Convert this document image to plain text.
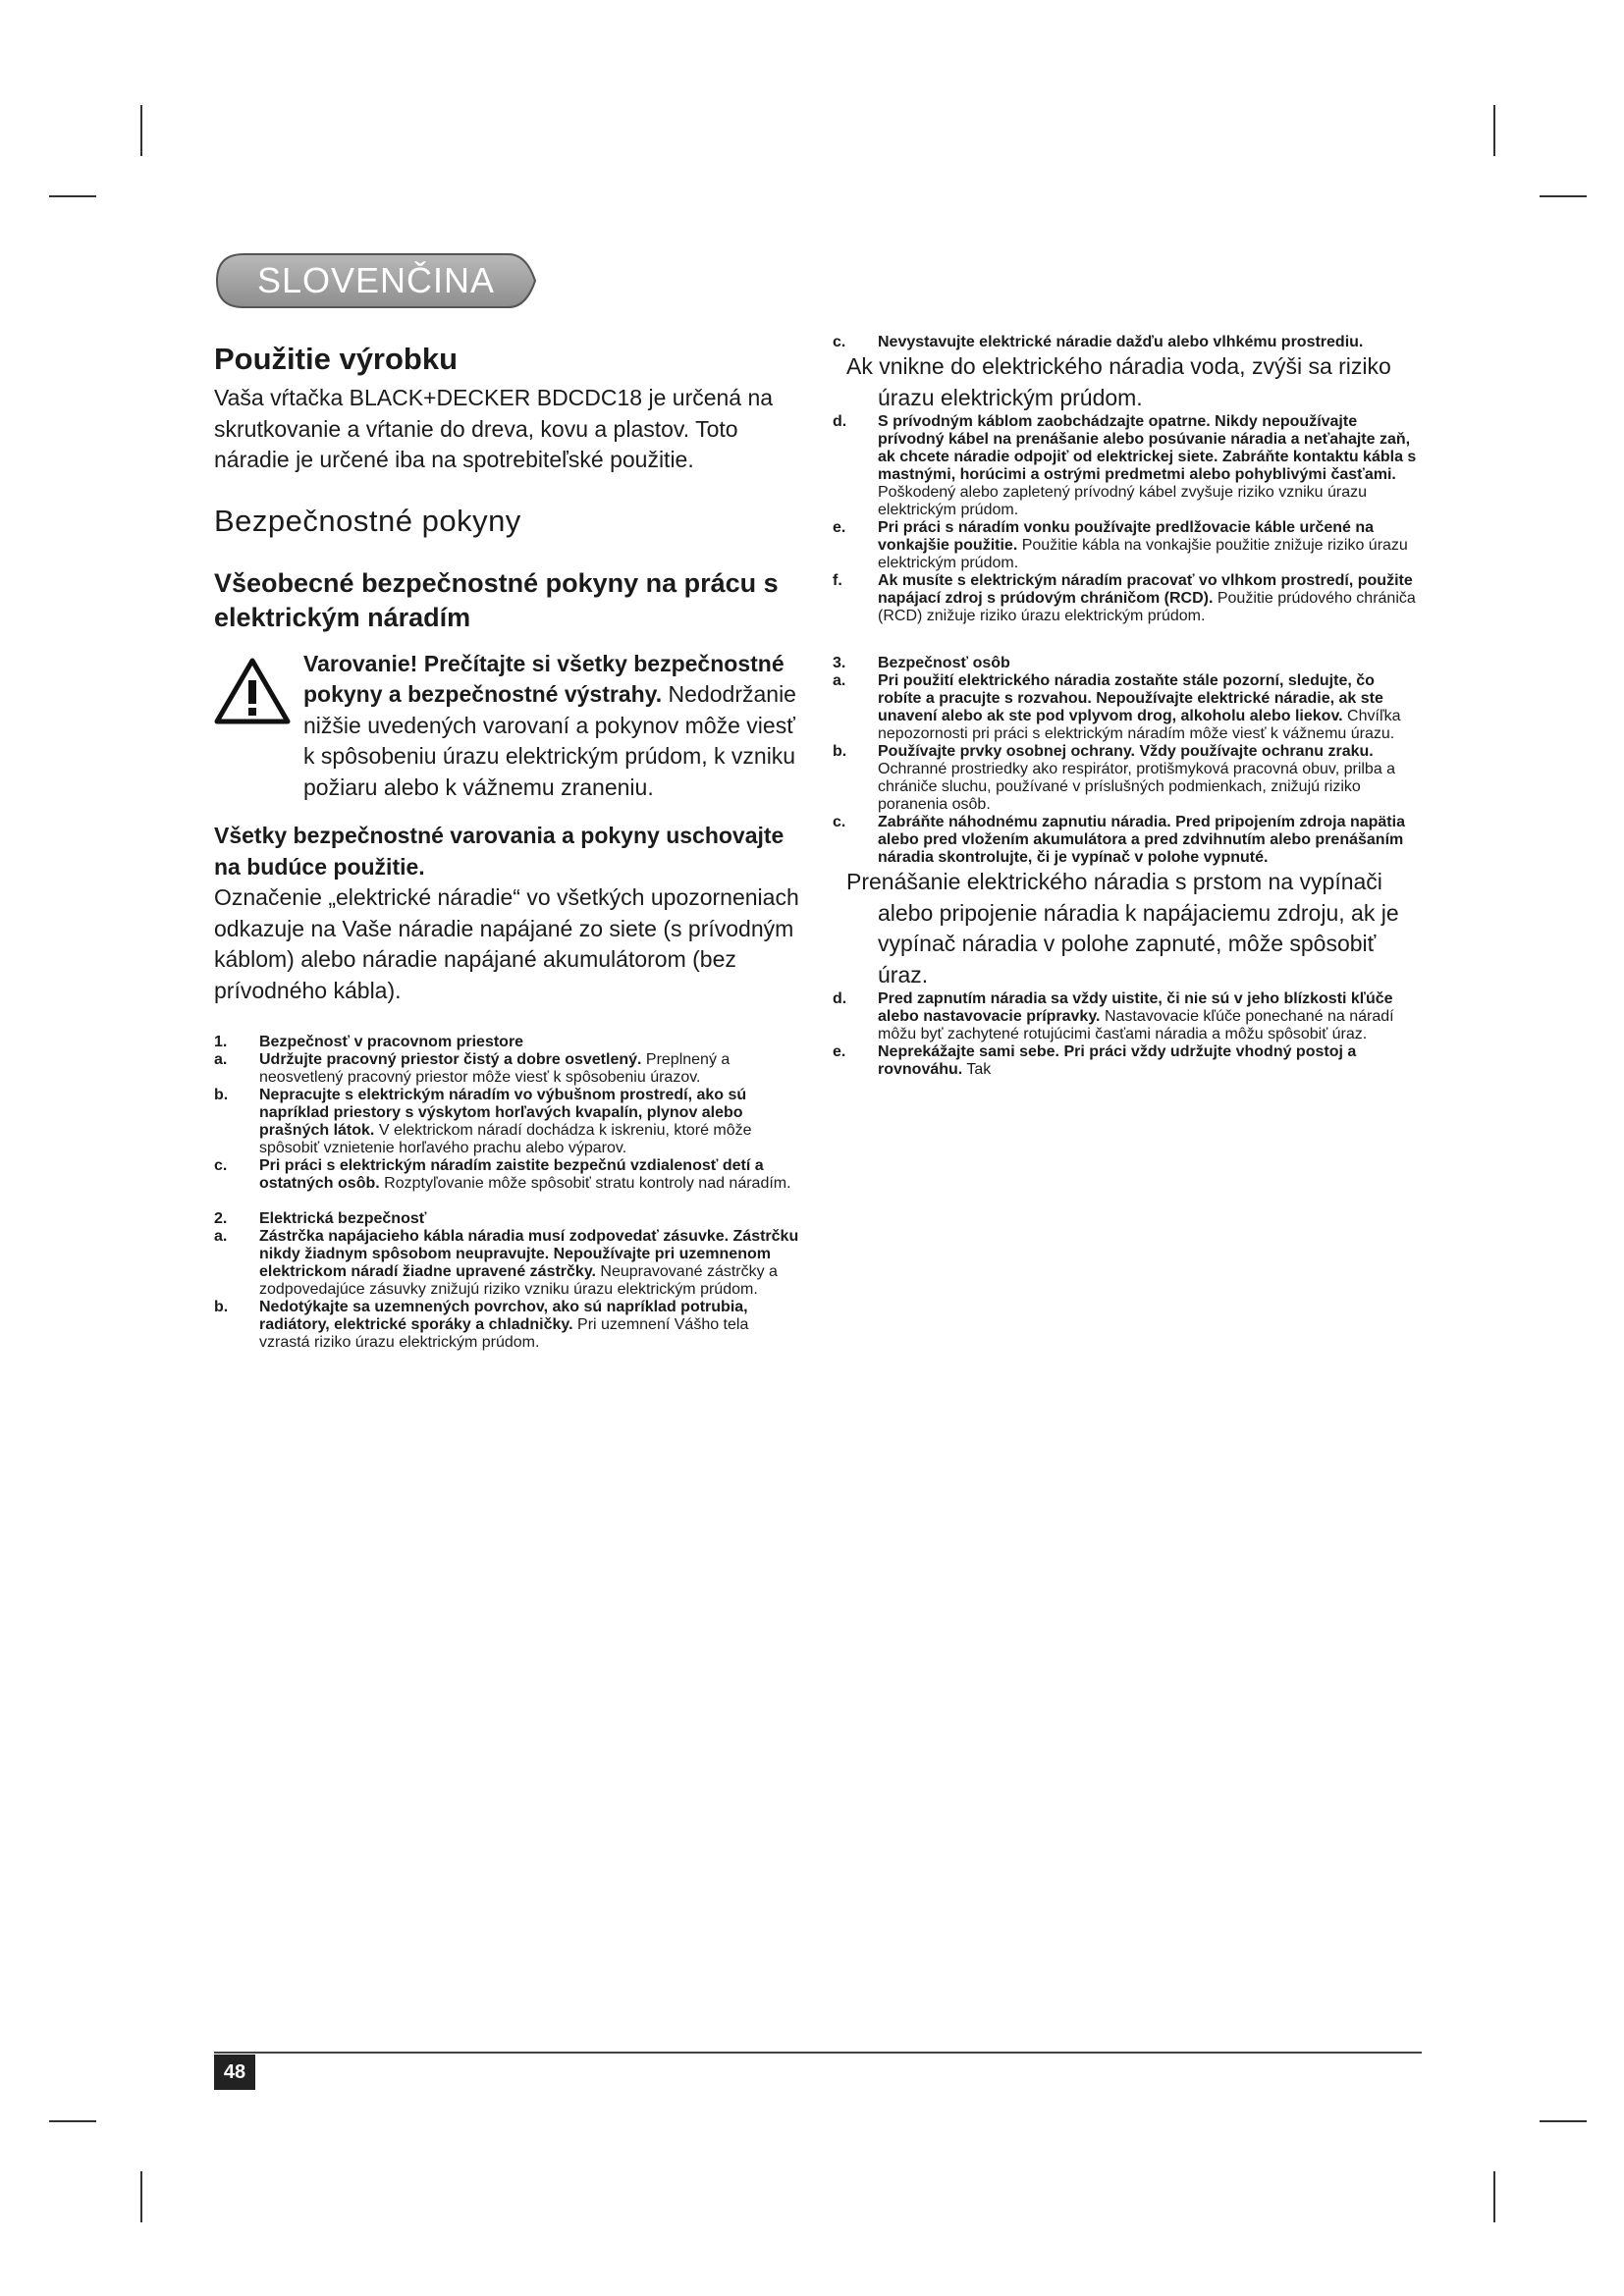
SLOVENČINA
Použitie výrobku

Vaša vŕtačka BLACK+DECKER BDCDC18 je určená na skrutkovanie a vŕtanie do dreva, kovu a plastov. Toto náradie je určené iba na spotrebiteľské použitie.

Bezpečnostné pokyny
Všeobecné bezpečnostné pokyny na prácu s elektrickým náradím

Varovanie! Prečítajte si všetky bezpečnostné pokyny a bezpečnostné výstrahy. Nedodržanie nižšie uvedených varovaní a pokynov môže viesť k spôsobeniu úrazu elektrickým prúdom, k vzniku požiaru alebo k vážnemu zraneniu.

Všetky bezpečnostné varovania a pokyny uschovajte na budúce použitie.

Označenie „elektrické náradie“ vo všetkých upozorneniach odkazuje na Vaše náradie napájané zo siete (s prívodným káblom) alebo náradie napájané akumulátorom (bez prívodného kábla).

1. Bezpečnosť v pracovnom priestore
a. Udržujte pracovný priestor čistý a dobre osvetlený. Preplnený a neosvetlený pracovný priestor môže viesť k spôsobeniu úrazov.
b. Nepracujte s elektrickým náradím vo výbušnom prostredí, ako sú napríklad priestory s výskytom horľavých kvapalín, plynov alebo prašných látok. V elektrickom náradí dochádza k iskreniu, ktoré môže spôsobiť vznietenie horľavého prachu alebo výparov.
c. Pri práci s elektrickým náradím zaistite bezpečnú vzdialenosť detí a ostatných osôb. Rozptyľovanie môže spôsobiť stratu kontroly nad náradím.
2. Elektrická bezpečnosť
a. Zástrčka napájacieho kábla náradia musí zodpovedať zásuvke. Zástrčku nikdy žiadnym spôsobom neupravujte. Nepoužívajte pri uzemnenom elektrickom náradí žiadne upravené zástrčky. Neupravované zástrčky a zodpovedajúce zásuvky znižujú riziko vzniku úrazu elektrickým prúdom.
b. Nedotýkajte sa uzemnených povrchov, ako sú napríklad potrubia, radiátory, elektrické sporáky a chladničky. Pri uzemnení Vášho tela vzrastá riziko úrazu elektrickým prúdom.
c. Nevystavujte elektrické náradie dažďu alebo vlhkému prostrediu.

Ak vnikne do elektrického náradia voda, zvýši sa riziko úrazu elektrickým prúdom.

d. S prívodným káblom zaobchádzajte opatrne. Nikdy nepoužívajte prívodný kábel na prenášanie alebo posúvanie náradia a neťahajte zaň, ak chcete náradie odpojiť od elektrickej siete. Zabráňte kontaktu kábla s mastnými, horúcimi a ostrými predmetmi alebo pohyblivými časťami. Poškodený alebo zapletený prívodný kábel zvyšuje riziko vzniku úrazu elektrickým prúdom.
e. Pri práci s náradím vonku používajte predlžovacie káble určené na vonkajšie použitie. Použitie kábla na vonkajšie použitie znižuje riziko úrazu elektrickým prúdom.
f. Ak musíte s elektrickým náradím pracovať vo vlhkom prostredí, použite napájací zdroj s prúdovým chráničom (RCD). Použitie prúdového chrániča (RCD) znižuje riziko úrazu elektrickým prúdom.
3. Bezpečnosť osôb
a. Pri použití elektrického náradia zostaňte stále pozorní, sledujte, čo robíte a pracujte s rozvahou. Nepoužívajte elektrické náradie, ak ste unavení alebo ak ste pod vplyvom drog, alkoholu alebo liekov. Chvíľka nepozornosti pri práci s elektrickým náradím môže viesť k vážnemu úrazu.
b. Používajte prvky osobnej ochrany. Vždy používajte ochranu zraku. Ochranné prostriedky ako respirátor, protišmyková pracovná obuv, prilba a chrániče sluchu, používané v príslušných podmienkach, znižujú riziko poranenia osôb.
c. Zabráňte náhodnému zapnutiu náradia. Pred pripojením zdroja napätia alebo pred vložením akumulátora a pred zdvihnutím alebo prenášaním náradia skontrolujte, či je vypínač v polohe vypnuté.

Prenášanie elektrického náradia s prstom na vypínači alebo pripojenie náradia k napájaciemu zdroju, ak je vypínač náradia v polohe zapnuté, môže spôsobiť úraz.

d. Pred zapnutím náradia sa vždy uistite, či nie sú v jeho blízkosti kľúče alebo nastavovacie prípravky. Nastavovacie kľúče ponechané na náradí môžu byť zachytené rotujúcimi časťami náradia a môžu spôsobiť úraz.
e. Neprekážajte sami sebe. Pri práci vždy udržujte vhodný postoj a rovnováhu. Tak
48
